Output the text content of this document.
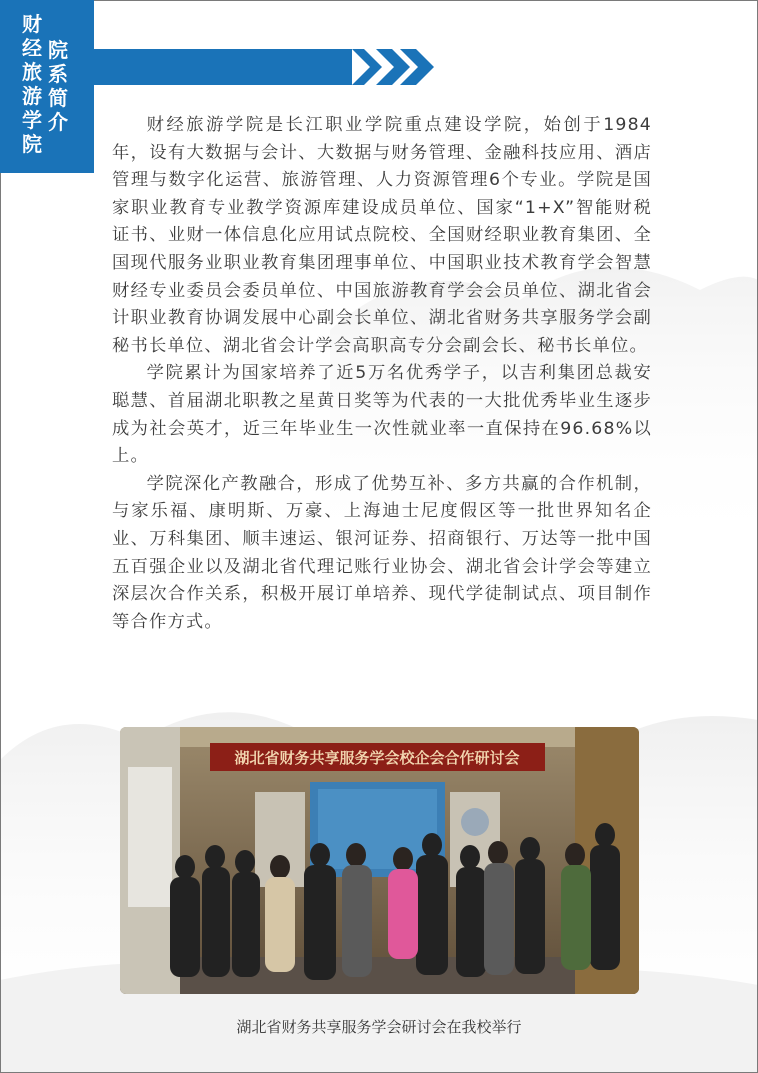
财
经
旅
游
学
院
院
系
简
介	财经旅游学院是长江职业学院重点建设学院，始创于1984年，设有大数据与会计、大数据与财务管理、金融科技应用、酒店管理与数字化运营、旅游管理、人力资源管理6个专业。学院是国家职业教育专业教学资源库建设成员单位、国家“1+X”智能财税证书、业财一体信息化应用试点院校、全国财经职业教育集团、全国现代服务业职业教育集团理事单位、中国职业技术教育学会智慧财经专业委员会委员单位、中国旅游教育学会会员单位、湖北省会计职业教育协调发展中心副会长单位、湖北省财务共享服务学会副秘书长单位、湖北省会计学会高职高专分会副会长、秘书长单位。

学院累计为国家培养了近5万名优秀学子，以吉利集团总裁安聪慧、首届湖北职教之星黄日奖等为代表的一大批优秀毕业生逐步成为社会英才，近三年毕业生一次性就业率一直保持在96.68%以上。

学院深化产教融合，形成了优势互补、多方共赢的合作机制，与家乐福、康明斯、万豪、上海迪士尼度假区等一批世界知名企业、万科集团、顺丰速运、银河证券、招商银行、万达等一批中国五百强企业以及湖北省代理记账行业协会、湖北省会计学会等建立深层次合作关系，积极开展订单培养、现代学徒制试点、项目制作等合作方式。

湖北省财务共享服务学会校企会合作研讨会
湖北省财务共享服务学会研讨会在我校举行
